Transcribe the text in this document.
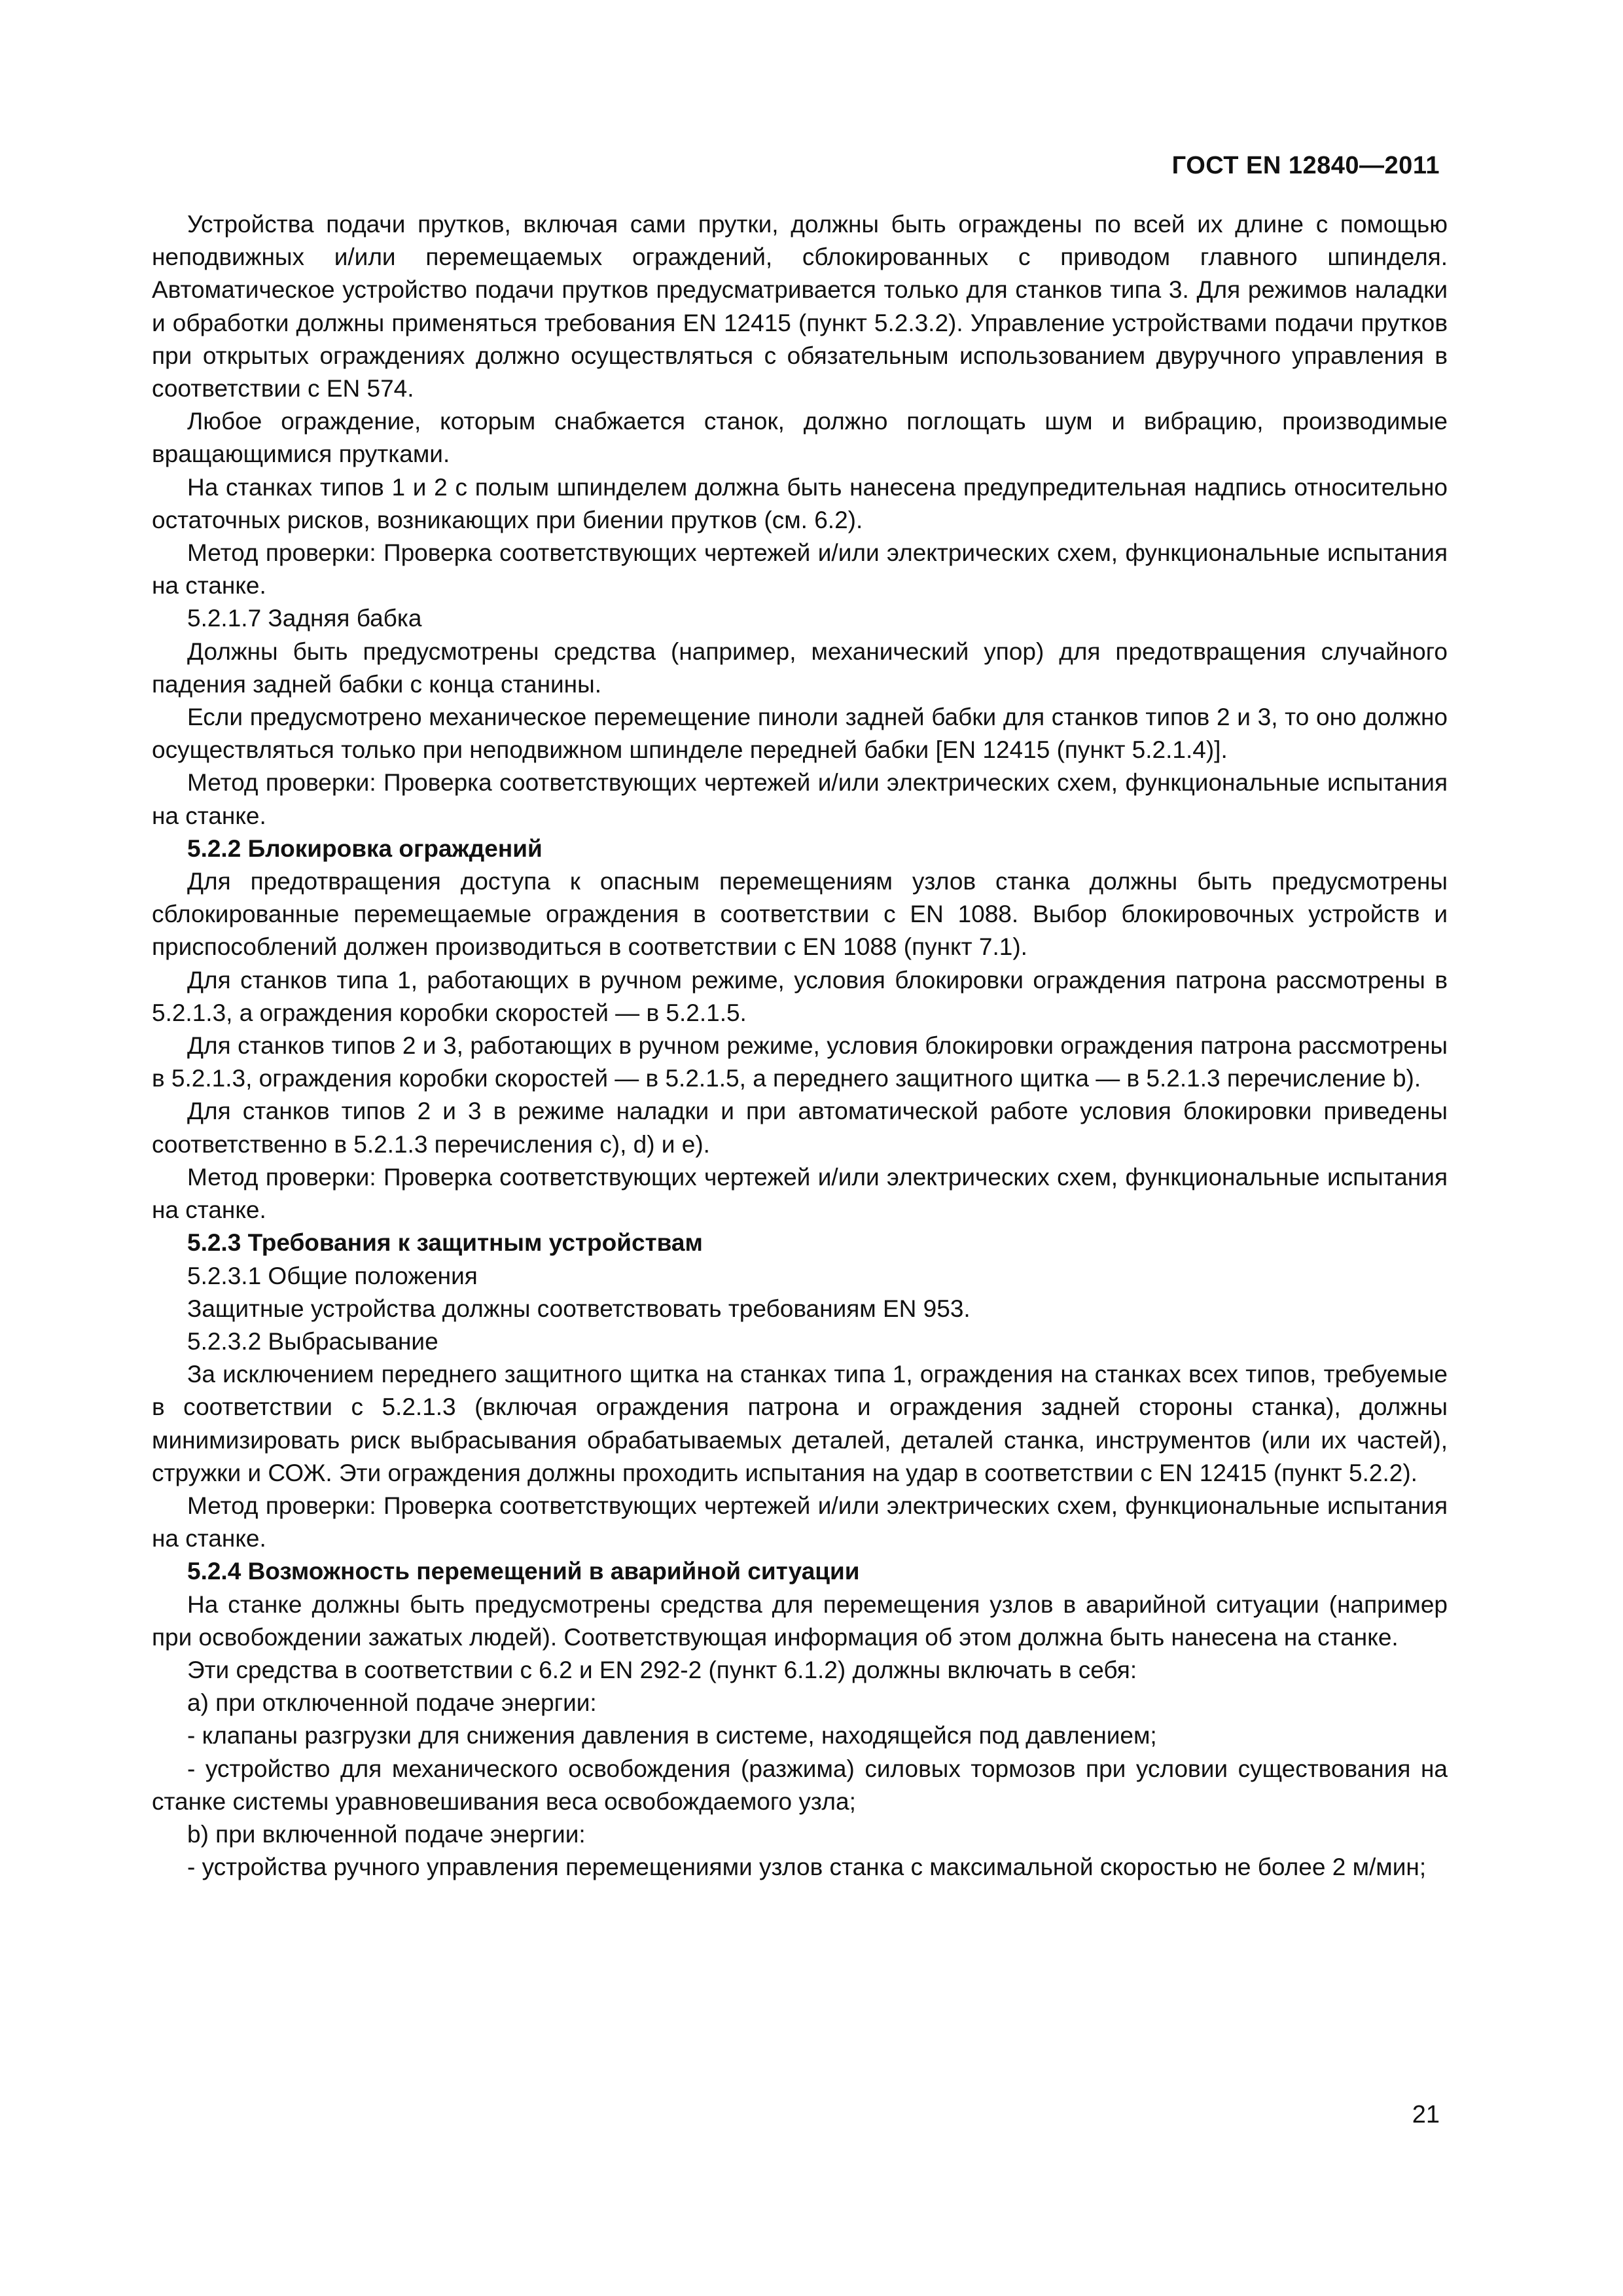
ГОСТ EN 12840—2011

Устройства подачи прутков, включая сами прутки, должны быть ограждены по всей их длине с помощью неподвижных и/или перемещаемых ограждений, сблокированных с приводом главного шпинделя. Автоматическое устройство подачи прутков предусматривается только для станков типа 3. Для режимов наладки и обработки должны применяться требования EN 12415 (пункт 5.2.3.2). Управление устройствами подачи прутков при открытых ограждениях должно осуществляться с обязательным использованием двуручного управления в соответствии с EN 574.

Любое ограждение, которым снабжается станок, должно поглощать шум и вибрацию, производимые вращающимися прутками.

На станках типов 1 и 2 с полым шпинделем должна быть нанесена предупредительная надпись относительно остаточных рисков, возникающих при биении прутков (см. 6.2).

Метод проверки: Проверка соответствующих чертежей и/или электрических схем, функциональные испытания на станке.

5.2.1.7 Задняя бабка

Должны быть предусмотрены средства (например, механический упор) для предотвращения случайного падения задней бабки с конца станины.

Если предусмотрено механическое перемещение пиноли задней бабки для станков типов 2 и 3, то оно должно осуществляться только при неподвижном шпинделе передней бабки [EN 12415 (пункт 5.2.1.4)].

Метод проверки: Проверка соответствующих чертежей и/или электрических схем, функциональные испытания на станке.

5.2.2 Блокировка ограждений

Для предотвращения доступа к опасным перемещениям узлов станка должны быть предусмотрены сблокированные перемещаемые ограждения в соответствии с EN 1088. Выбор блокировочных устройств и приспособлений должен производиться в соответствии с EN 1088 (пункт 7.1).

Для станков типа 1, работающих в ручном режиме, условия блокировки ограждения патрона рассмотрены в 5.2.1.3, а ограждения коробки скоростей — в 5.2.1.5.

Для станков типов 2 и 3, работающих в ручном режиме, условия блокировки ограждения патрона рассмотрены в 5.2.1.3, ограждения коробки скоростей — в 5.2.1.5, а переднего защитного щитка — в 5.2.1.3 перечисление b).

Для станков типов 2 и 3 в режиме наладки и при автоматической работе условия блокировки приведены соответственно в 5.2.1.3 перечисления c), d) и e).

Метод проверки: Проверка соответствующих чертежей и/или электрических схем, функциональные испытания на станке.

5.2.3 Требования к защитным устройствам

5.2.3.1 Общие положения

Защитные устройства должны соответствовать требованиям EN 953.

5.2.3.2 Выбрасывание

За исключением переднего защитного щитка на станках типа 1, ограждения на станках всех типов, требуемые в соответствии с 5.2.1.3 (включая ограждения патрона и ограждения задней стороны станка), должны минимизировать риск выбрасывания обрабатываемых деталей, деталей станка, инструментов (или их частей), стружки и СОЖ. Эти ограждения должны проходить испытания на удар в соответствии с EN 12415 (пункт 5.2.2).

Метод проверки: Проверка соответствующих чертежей и/или электрических схем, функциональные испытания на станке.

5.2.4 Возможность перемещений в аварийной ситуации

На станке должны быть предусмотрены средства для перемещения узлов в аварийной ситуации (например при освобождении зажатых людей). Соответствующая информация об этом должна быть нанесена на станке.

Эти средства в соответствии с 6.2 и EN 292-2 (пункт 6.1.2) должны включать в себя:

a) при отключенной подаче энергии:

- клапаны разгрузки для снижения давления в системе, находящейся под давлением;

- устройство для механического освобождения (разжима) силовых тормозов при условии существования на станке системы уравновешивания веса освобождаемого узла;

b) при включенной подаче энергии:

- устройства ручного управления перемещениями узлов станка с максимальной скоростью не более 2 м/мин;

21
